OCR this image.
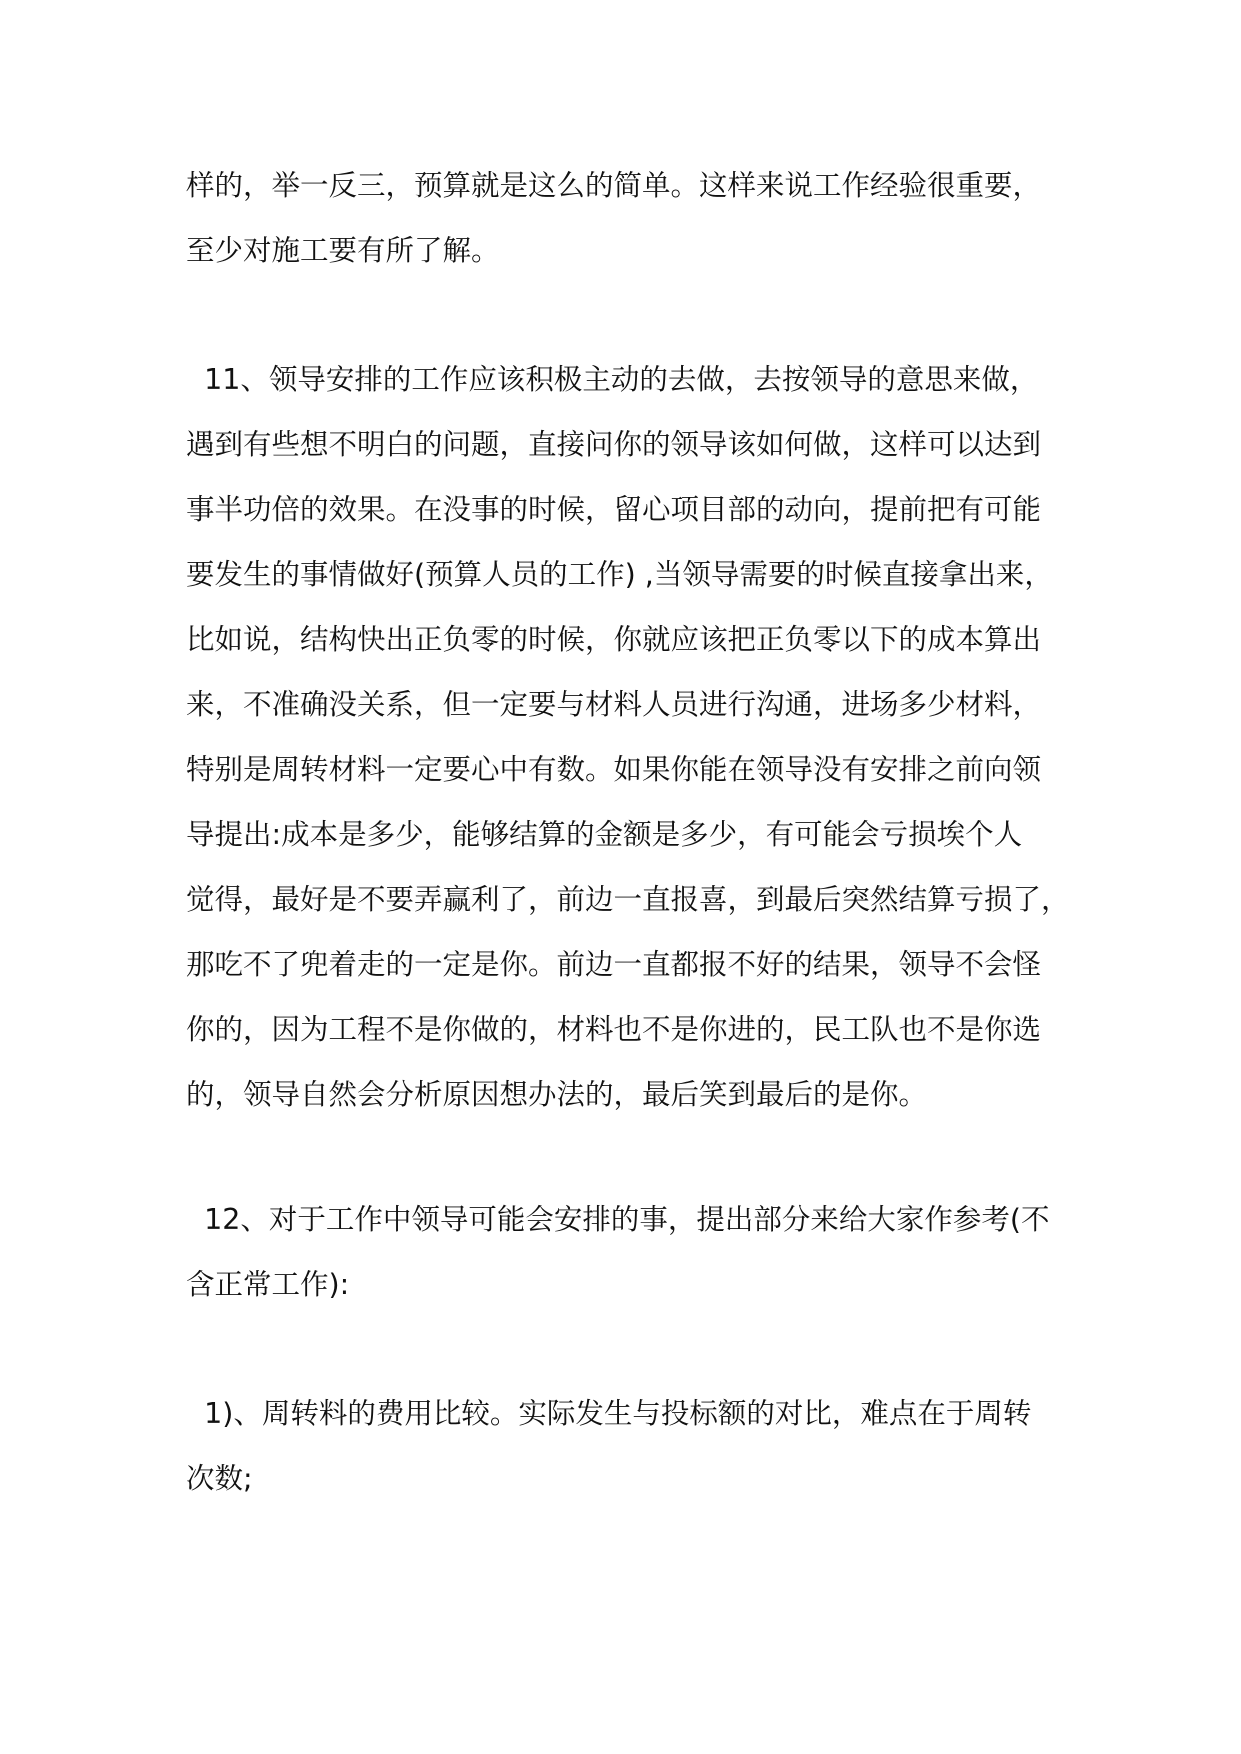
样的，举一反三，预算就是这么的简单。这样来说工作经验很重要，
至少对施工要有所了解。
11、领导安排的工作应该积极主动的去做，去按领导的意思来做，
遇到有些想不明白的问题，直接问你的领导该如何做，这样可以达到
事半功倍的效果。在没事的时候，留心项目部的动向，提前把有可能
要发生的事情做好(预算人员的工作) ,当领导需要的时候直接拿出来，
比如说，结构快出正负零的时候，你就应该把正负零以下的成本算出
来，不准确没关系，但一定要与材料人员进行沟通，进场多少材料，
特别是周转材料一定要心中有数。如果你能在领导没有安排之前向领
导提出:成本是多少，能够结算的金额是多少，有可能会亏损埃个人
觉得，最好是不要弄赢利了，前边一直报喜，到最后突然结算亏损了，
那吃不了兜着走的一定是你。前边一直都报不好的结果，领导不会怪
你的，因为工程不是你做的，材料也不是你进的，民工队也不是你选
的，领导自然会分析原因想办法的，最后笑到最后的是你。
12、对于工作中领导可能会安排的事，提出部分来给大家作参考(不
含正常工作):
1)、周转料的费用比较。实际发生与投标额的对比，难点在于周转
次数;
